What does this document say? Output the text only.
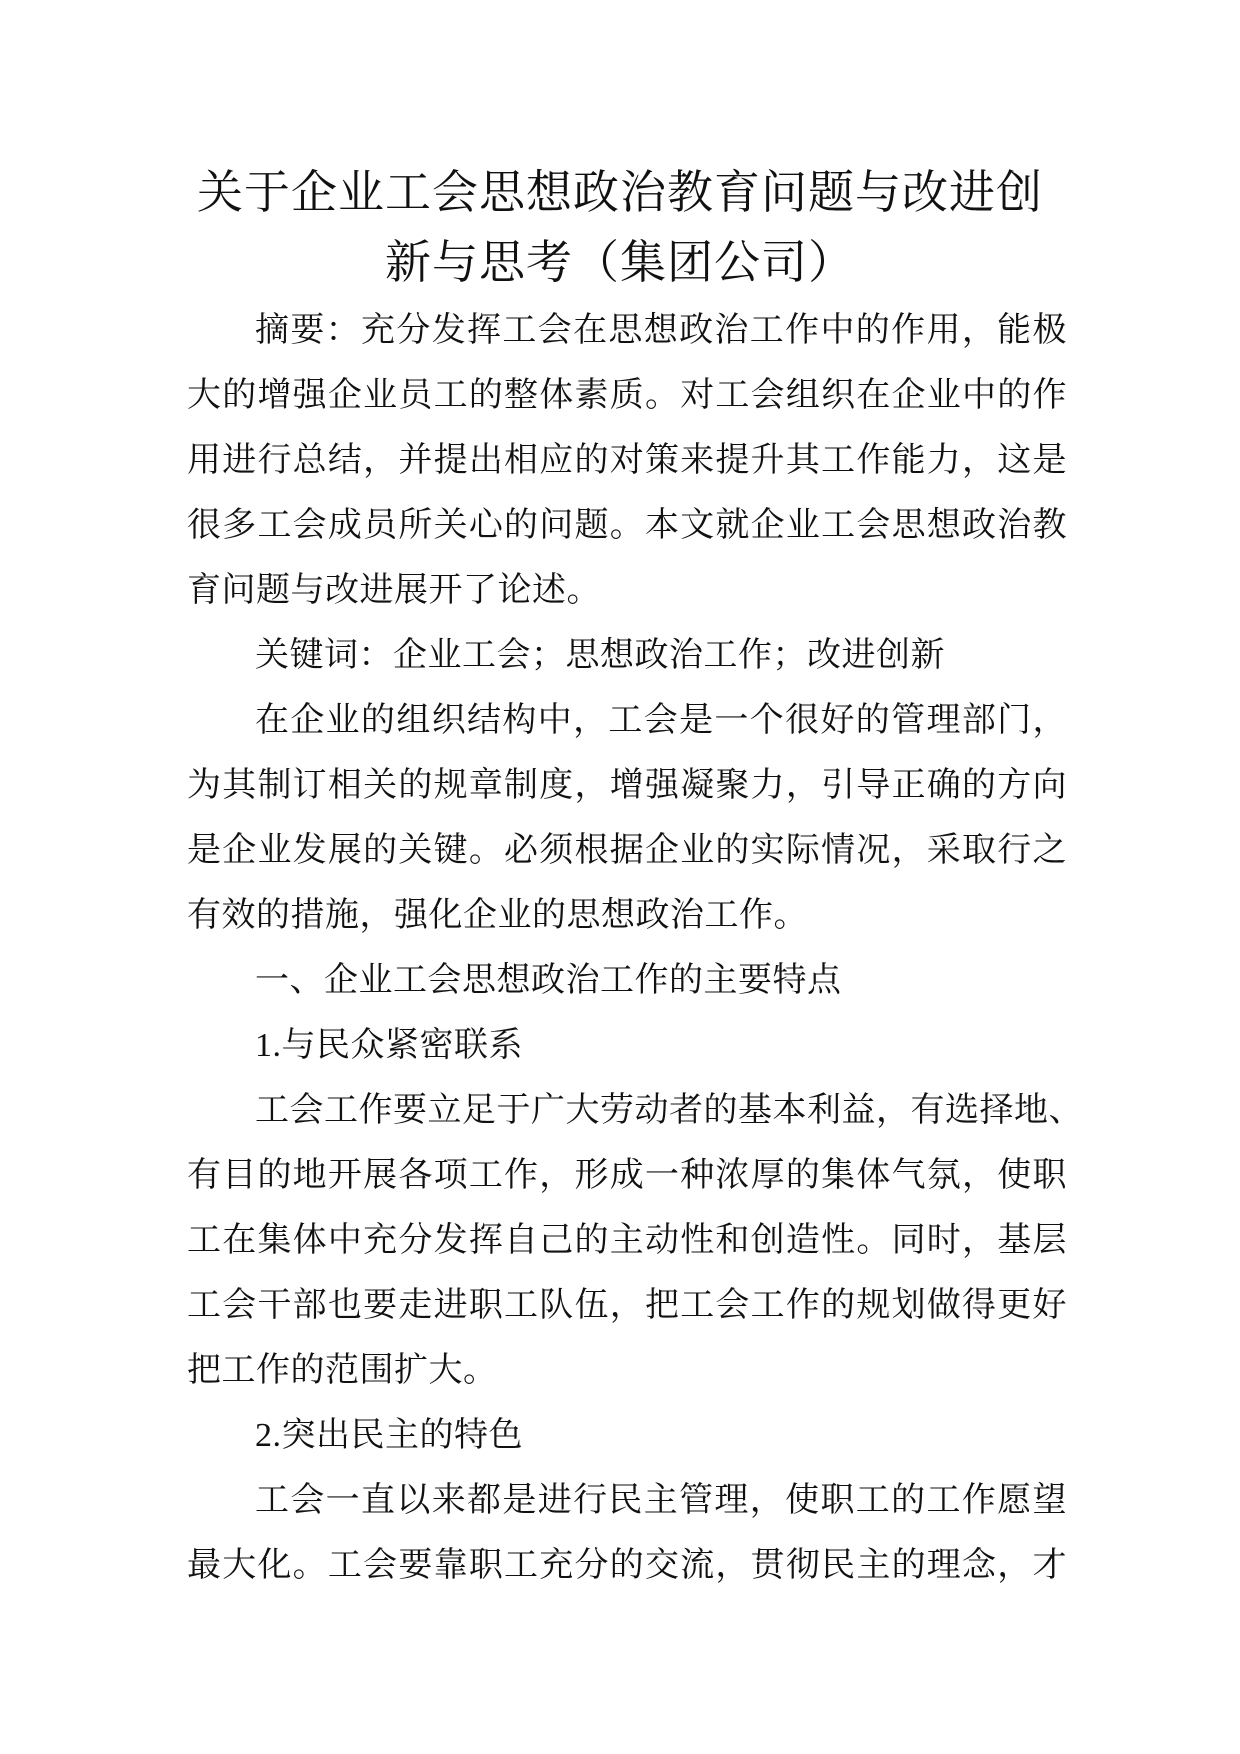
关于企业工会思想政治教育问题与改进创
新与思考（集团公司）
摘要：充分发挥工会在思想政治工作中的作用，能极
大的增强企业员工的整体素质。对工会组织在企业中的作
用进行总结，并提出相应的对策来提升其工作能力，这是
很多工会成员所关心的问题。本文就企业工会思想政治教
育问题与改进展开了论述。
关键词：企业工会；思想政治工作；改进创新
在企业的组织结构中，工会是一个很好的管理部门，
为其制订相关的规章制度，增强凝聚力，引导正确的方向
是企业发展的关键。必须根据企业的实际情况，采取行之
有效的措施，强化企业的思想政治工作。
一、企业工会思想政治工作的主要特点
1.与民众紧密联系
工会工作要立足于广大劳动者的基本利益，有选择地、
有目的地开展各项工作，形成一种浓厚的集体气氛，使职
工在集体中充分发挥自己的主动性和创造性。同时，基层
工会干部也要走进职工队伍，把工会工作的规划做得更好
把工作的范围扩大。
2.突出民主的特色
工会一直以来都是进行民主管理，使职工的工作愿望
最大化。工会要靠职工充分的交流，贯彻民主的理念，才
